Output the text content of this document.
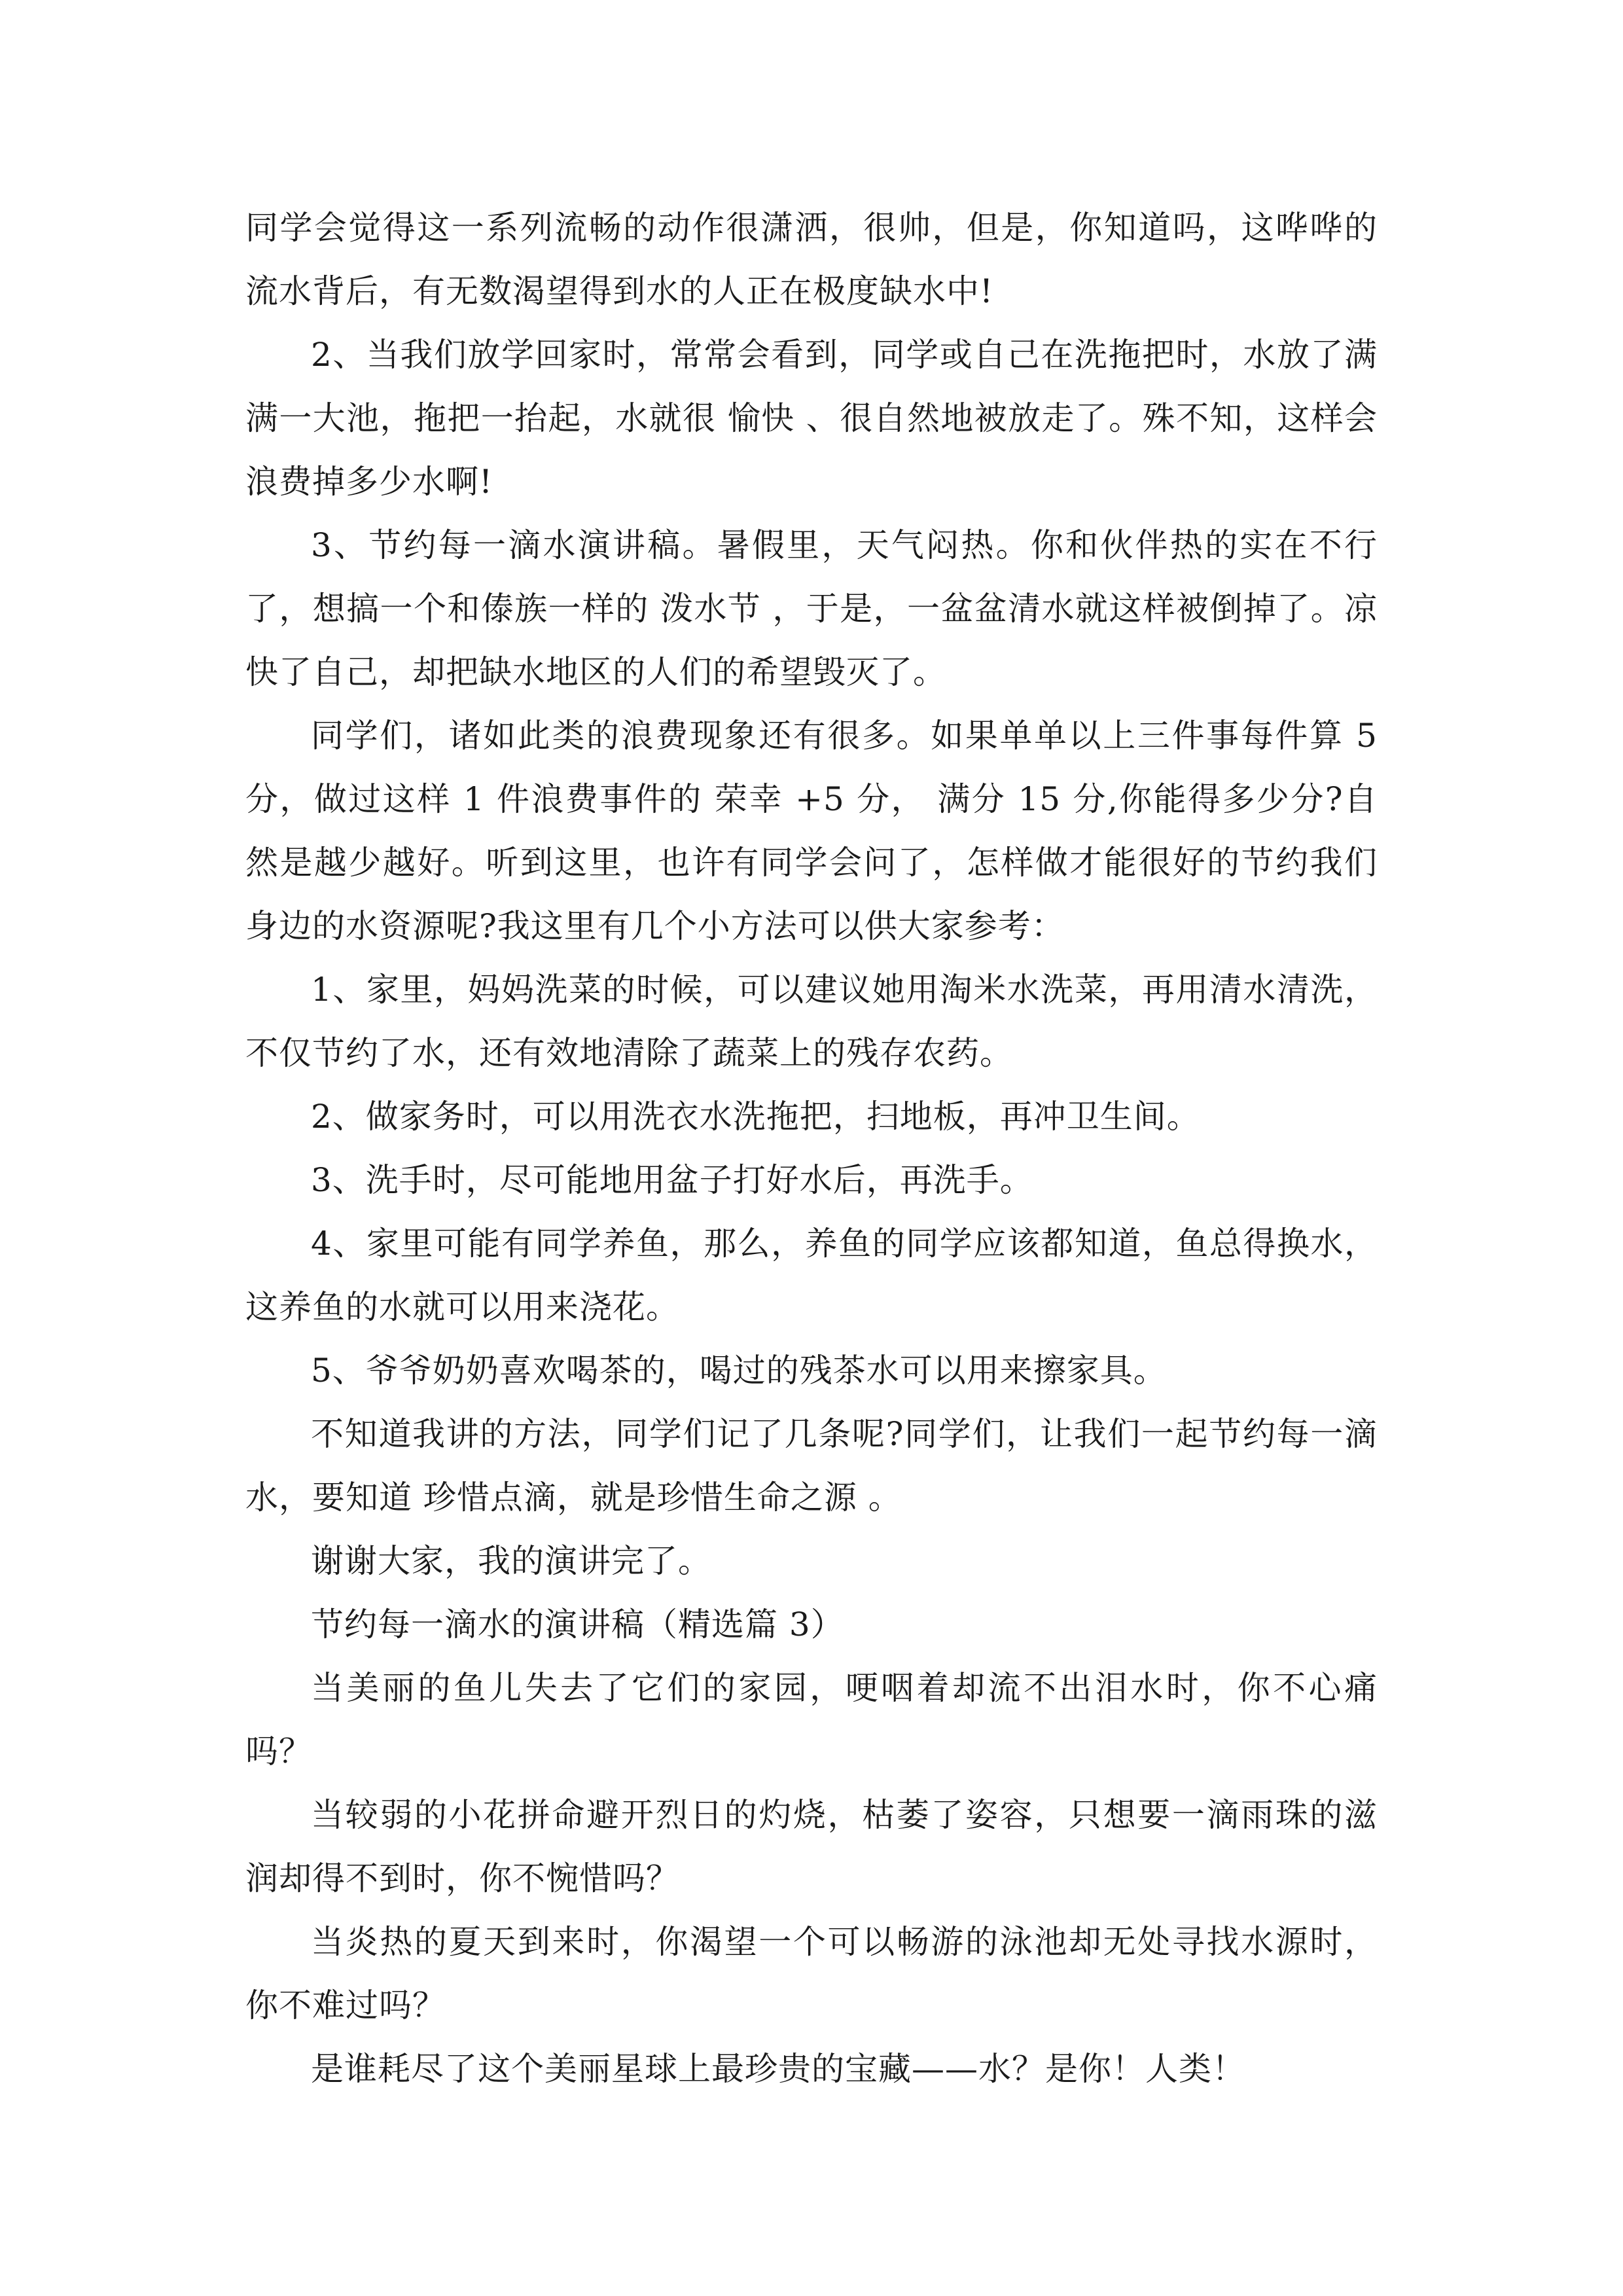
同学会觉得这一系列流畅的动作很潇洒，很帅，但是，你知道吗，这哗哗的流水背后，有无数渴望得到水的人正在极度缺水中!

2、当我们放学回家时，常常会看到，同学或自己在洗拖把时，水放了满满一大池，拖把一抬起，水就很 愉快 、很自然地被放走了。殊不知，这样会浪费掉多少水啊!

3、节约每一滴水演讲稿。暑假里，天气闷热。你和伙伴热的实在不行了，想搞一个和傣族一样的 泼水节 ，于是，一盆盆清水就这样被倒掉了。凉快了自己，却把缺水地区的人们的希望毁灭了。

同学们，诸如此类的浪费现象还有很多。如果单单以上三件事每件算 5 分，做过这样 1 件浪费事件的 荣幸 +5 分， 满分 15 分,你能得多少分?自然是越少越好。听到这里，也许有同学会问了，怎样做才能很好的节约我们身边的水资源呢?我这里有几个小方法可以供大家参考：

1、家里，妈妈洗菜的时候，可以建议她用淘米水洗菜，再用清水清洗，不仅节约了水，还有效地清除了蔬菜上的残存农药。

2、做家务时，可以用洗衣水洗拖把，扫地板，再冲卫生间。

3、洗手时，尽可能地用盆子打好水后，再洗手。

4、家里可能有同学养鱼，那么，养鱼的同学应该都知道，鱼总得换水，这养鱼的水就可以用来浇花。

5、爷爷奶奶喜欢喝茶的，喝过的残茶水可以用来擦家具。

不知道我讲的方法，同学们记了几条呢?同学们，让我们一起节约每一滴水，要知道 珍惜点滴，就是珍惜生命之源 。

谢谢大家，我的演讲完了。

节约每一滴水的演讲稿（精选篇 3）

当美丽的鱼儿失去了它们的家园，哽咽着却流不出泪水时，你不心痛吗？

当较弱的小花拼命避开烈日的灼烧，枯萎了姿容，只想要一滴雨珠的滋润却得不到时，你不惋惜吗？

当炎热的夏天到来时，你渴望一个可以畅游的泳池却无处寻找水源时，你不难过吗？

是谁耗尽了这个美丽星球上最珍贵的宝藏——水？是你！人类！
